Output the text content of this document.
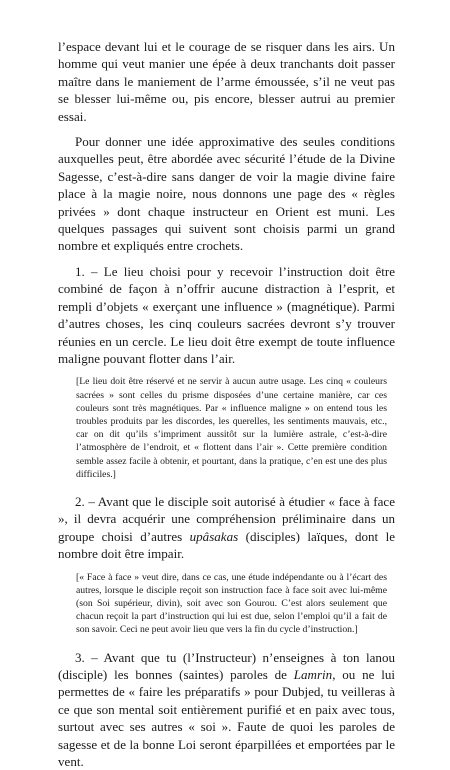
l’espace devant lui et le courage de se risquer dans les airs. Un homme qui veut manier une épée à deux tranchants doit passer maître dans le maniement de l’arme émoussée, s’il ne veut pas se blesser lui-même ou, pis encore, blesser autrui au premier essai.

Pour donner une idée approximative des seules conditions auxquelles peut, être abordée avec sécurité l’étude de la Divine Sagesse, c’est-à-dire sans danger de voir la magie divine faire place à la magie noire, nous donnons une page des « règles privées » dont chaque instructeur en Orient est muni. Les quelques passages qui suivent sont choisis parmi un grand nombre et expliqués entre crochets.

1. – Le lieu choisi pour y recevoir l’instruction doit être combiné de façon à n’offrir aucune distraction à l’esprit, et rempli d’objets « exerçant une influence » (magnétique). Parmi d’autres choses, les cinq couleurs sacrées devront s’y trouver réunies en un cercle. Le lieu doit être exempt de toute influence maligne pouvant flotter dans l’air.

[Le lieu doit être réservé et ne servir à aucun autre usage. Les cinq « couleurs sacrées » sont celles du prisme disposées d’une certaine manière, car ces couleurs sont très magnétiques. Par « influence maligne » on entend tous les troubles produits par les discordes, les querelles, les sentiments mauvais, etc., car on dit qu’ils s’impriment aussitôt sur la lumière astrale, c’est-à-dire l’atmosphère de l’endroit, et « flottent dans l’air ». Cette première condition semble assez facile à obtenir, et pourtant, dans la pratique, c’en est une des plus difficiles.]

2. – Avant que le disciple soit autorisé à étudier « face à face », il devra acquérir une compréhension préliminaire dans un groupe choisi d’autres upâsakas (disciples) laïques, dont le nombre doit être impair.

[« Face à face » veut dire, dans ce cas, une étude indépendante ou à l’écart des autres, lorsque le disciple reçoit son instruction face à face soit avec lui-même (son Soi supérieur, divin), soit avec son Gourou. C’est alors seulement que chacun reçoit la part d’instruction qui lui est due, selon l’emploi qu’il a fait de son savoir. Ceci ne peut avoir lieu que vers la fin du cycle d’instruction.]

3. – Avant que tu (l’Instructeur) n’enseignes à ton lanou (disciple) les bonnes (saintes) paroles de Lamrin, ou ne lui permettes de « faire les préparatifs » pour Dubjed, tu veilleras à ce que son mental soit entièrement purifié et en paix avec tous, surtout avec ses autres « soi ». Faute de quoi les paroles de sagesse et de la bonne Loi seront éparpillées et emportées par le vent.
